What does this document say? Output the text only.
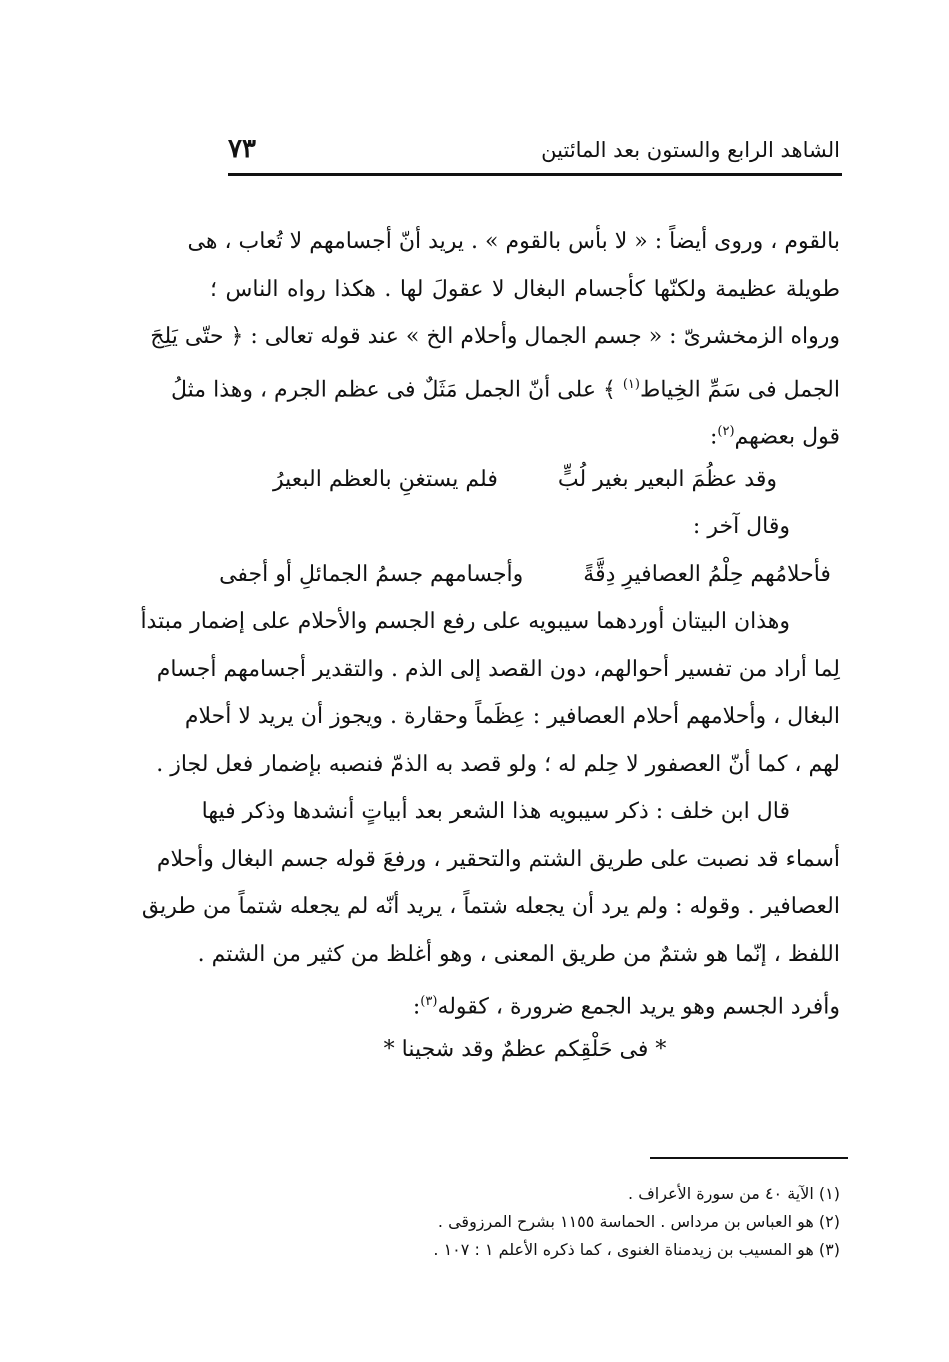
الشاهد الرابع والستون بعد المائتين
٧٣
بالقوم ، وروى أيضاً : « لا بأس بالقوم » . يريد أنّ أجسامهم لا تُعاب ، هى
طويلة عظيمة ولكنّها كأجسام البغال لا عقولَ لها . هكذا رواه الناس ؛
ورواه الزمخشرىّ : « جسم الجمال وأحلام الخ » عند قوله تعالى : ﴿ حتّى يَلِجَ
الجمل فى سَمِّ الخِياط$^{(١)}$ ﴾ على أنّ الجمل مَثَلٌ فى عظم الجرم ، وهذا مثلُ
قول بعضهم$^{(٢)}$:
وقد عظُمَ البعير بغير لُبٍّ
فلم يستغنِ بالعظم البعيرُ
وقال آخر :
فأحلامُهم حِلْمُ العصافيرِ دِقَّةً
وأجسامهم جسمُ الجمائلِ أو أجفى
وهذان البيتان أوردهما سيبويه على رفع الجسم والأحلام على إضمار مبتدأ
لِما أراد من تفسير أحوالهم، دون القصد إلى الذم . والتقدير أجسامهم أجسام
البغال ، وأحلامهم أحلام العصافير : عِظَماً وحقارة . ويجوز أن يريد لا أحلام
لهم ، كما أنّ العصفور لا حِلم له ؛ ولو قصد به الذمّ فنصبه بإضمار فعل لجاز .
قال ابن خلف : ذكر سيبويه هذا الشعر بعد أبياتٍ أنشدها وذكر فيها
أسماء قد نصبت على طريق الشتم والتحقير ، ورفعَ قوله جسم البغال وأحلام
العصافير . وقوله : ولم يرد أن يجعله شتماً ، يريد أنّه لم يجعله شتماً من طريق
اللفظ ، إنّما هو شتمٌ من طريق المعنى ، وهو أغلظ من كثير من الشتم .
وأفرد الجسم وهو يريد الجمع ضرورة ، كقوله$^{(٣)}$:
* فى حَلْقِكم عظمٌ وقد شجينا *
(١) الآية ٤٠ من سورة الأعراف .
(٢) هو العباس بن مرداس . الحماسة ١١٥٥ بشرح المرزوقى .
(٣) هو المسيب بن زيدمناة الغنوى ، كما ذكره الأعلم ١ : ١٠٧ .
